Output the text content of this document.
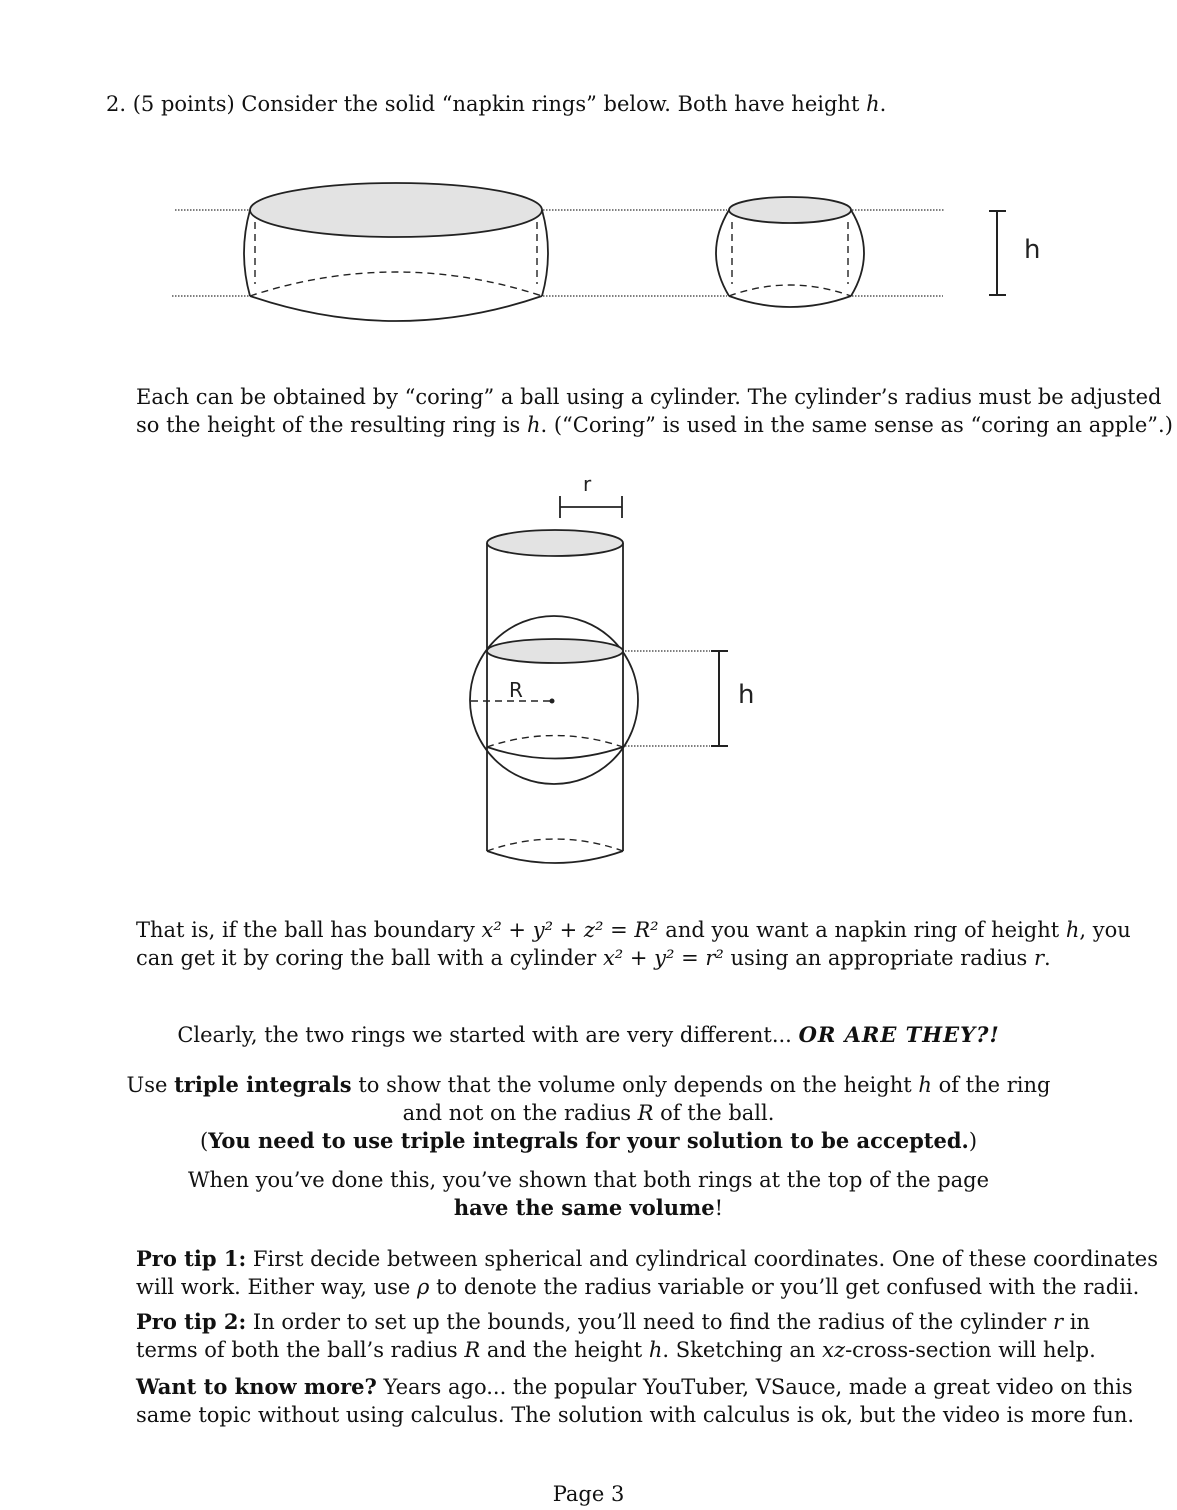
2. (5 points) Consider the solid “napkin rings” below. Both have height h.
h
Each can be obtained by “coring” a ball using a cylinder. The cylinder’s radius must be adjusted
so the height of the resulting ring is h. (“Coring” is used in the same sense as “coring an apple”.)
r
R	h
That is, if the ball has boundary x² + y² + z² = R² and you want a napkin ring of height h, you
can get it by coring the ball with a cylinder x² + y² = r² using an appropriate radius r.
Clearly, the two rings we started with are very different... OR ARE THEY?!
Use triple integrals to show that the volume only depends on the height h of the ring
and not on the radius R of the ball.
(You need to use triple integrals for your solution to be accepted.)
When you’ve done this, you’ve shown that both rings at the top of the page
have the same volume!
Pro tip 1: First decide between spherical and cylindrical coordinates. One of these coordinates
will work. Either way, use ρ to denote the radius variable or you’ll get confused with the radii.
Pro tip 2: In order to set up the bounds, you’ll need to find the radius of the cylinder r in
terms of both the ball’s radius R and the height h. Sketching an xz-cross-section will help.
Want to know more? Years ago... the popular YouTuber, VSauce, made a great video on this
same topic without using calculus. The solution with calculus is ok, but the video is more fun.
Page 3
